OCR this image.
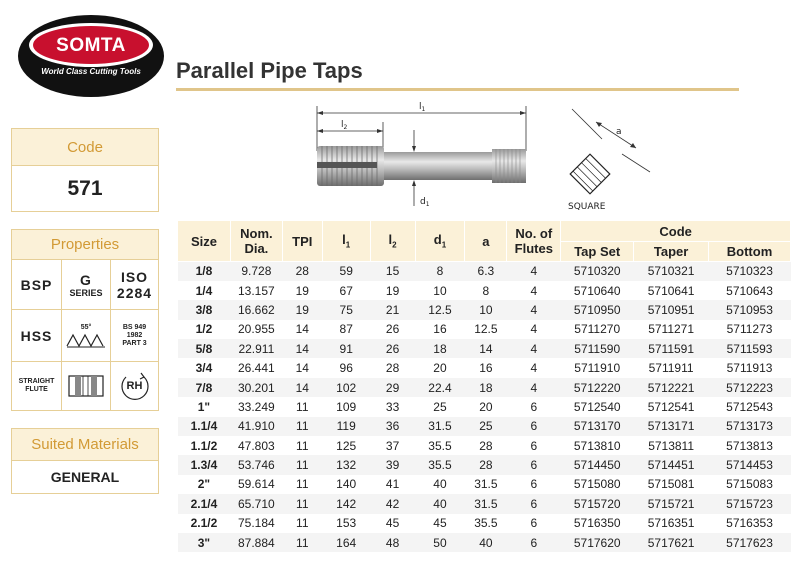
SOMTA
World Class Cutting Tools	Parallel Pipe Taps
Code
571
Properties
BSP G
SERIES
ISO
2284
HSS
55°	BS 949
1982
PART 3
STRAIGHT
FLUTE	RH
Suited Materials
GENERAL
$l_1$
$l_2$
$d_1$
a
SQUARE
Size	Nom. Dia.	TPI	$l_1$	$l_2$	$d_1$	a	No. of Flutes	Code		
								Tap Set	Taper	Bottom
1/8	9.728	28	59	15	8	6.3	4	5710320	5710321	5710323
1/4	13.157	19	67	19	10	8	4	5710640	5710641	5710643
3/8	16.662	19	75	21	12.5	10	4	5710950	5710951	5710953
1/2	20.955	14	87	26	16	12.5	4	5711270	5711271	5711273
5/8	22.911	14	91	26	18	14	4	5711590	5711591	5711593
3/4	26.441	14	96	28	20	16	4	5711910	5711911	5711913
7/8	30.201	14	102	29	22.4	18	4	5712220	5712221	5712223
1"	33.249	11	109	33	25	20	6	5712540	5712541	5712543
1.1/4	41.910	11	119	36	31.5	25	6	5713170	5713171	5713173
1.1/2	47.803	11	125	37	35.5	28	6	5713810	5713811	5713813
1.3/4	53.746	11	132	39	35.5	28	6	5714450	5714451	5714453
2"	59.614	11	140	41	40	31.5	6	5715080	5715081	5715083
2.1/4	65.710	11	142	42	40	31.5	6	5715720	5715721	5715723
2.1/2	75.184	11	153	45	45	35.5	6	5716350	5716351	5716353
3"	87.884	11	164	48	50	40	6	5717620	5717621	5717623
